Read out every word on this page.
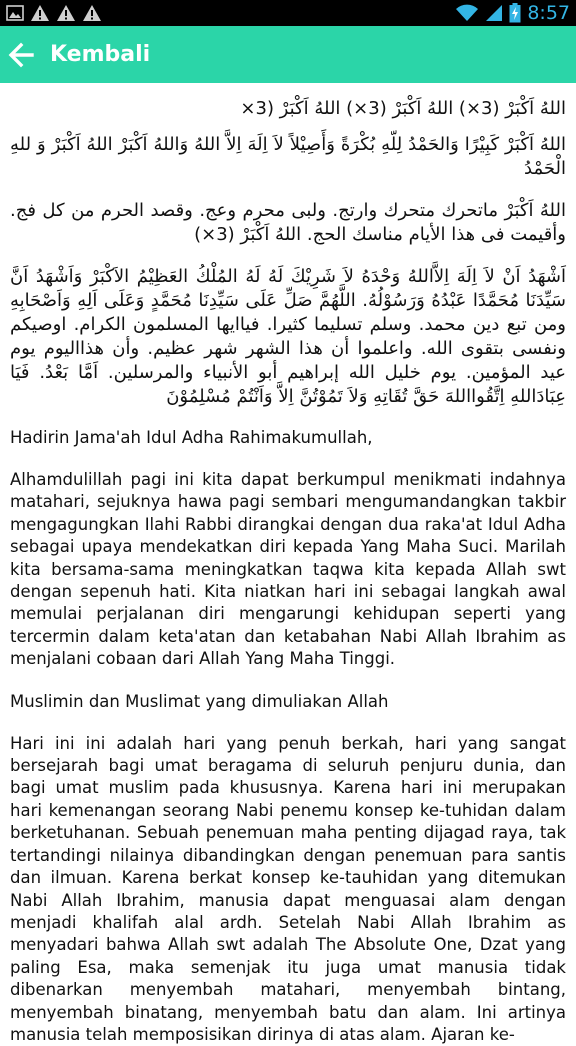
8:57
Kembali

اللهُ اَكْبَرْ (3×) اللهُ اَكْبَرْ (3×) اللهُ اَكْبَرْ (3×

اللهُ اَكْبَرْ كَبِيْرًا وَالحَمْدُ لِلّهِ بُكْرَةً وَأَصِيْلاً لاَ اِلَهَ اِلاَّ اللهُ وَاللهُ اَكْبَرْ اللهُ اَكْبَرْ وَ للهِ الْحَمْدُ

اللهُ اَكْبَرْ ماتحرك متحرك وارتج. ولبى محرم وعج. وقصد الحرم من كل فج. وأقيمت فى هذا الأيام مناسك الحج. اللهُ اَكْبَرْ (3×)

اَشْهَدُ اَنْ لاَ اِلَهَ اِلاَّاللهُ وَحْدَهُ لاَ شَرِيْكَ لَهُ لَهُ المُلْكُ العَظِيْمُ الاَكْبَرْ وَاَشْهَدُ اَنَّ سَيِّدَنَا مُحَمَّدًا عَبْدُهُ وَرَسُوْلُهُ. اللَّهُمَّ صَلِّ عَلَى سَيِّدِنَا مُحَمَّدٍ وَعَلَى اَلِهِ وَاَصْحَابِهِ ومن تبع دين محمد. وسلم تسليما كثيرا. فياايها المسلمون الكرام. اوصيكم ونفسى بتقوى الله. واعلموا أن هذا الشهر شهر عظيم. وأن هذااليوم يوم عيد المؤمين. يوم خليل الله إبراهيم أبو الأنبياء والمرسلين. اَمَّا بَعْدُ. فَيَا عِبَادَاللهِ اِتَّقُوااللهَ حَقَّ تُقَاتِهِ وَلاَ تَمُوْتُنَّ اِلاَّ وَاَنْتُمْ مُسْلِمُوْنَ

Hadirin Jama'ah Idul Adha Rahimakumullah,

Alhamdulillah pagi ini kita dapat berkumpul menikmati indahnya matahari, sejuknya hawa pagi sembari mengumandangkan takbir mengagungkan Ilahi Rabbi dirangkai dengan dua raka'at Idul Adha sebagai upaya mendekatkan diri kepada Yang Maha Suci. Marilah kita bersama-sama meningkatkan taqwa kita kepada Allah swt dengan sepenuh hati. Kita niatkan hari ini sebagai langkah awal memulai perjalanan diri mengarungi kehidupan seperti yang tercermin dalam keta'atan dan ketabahan Nabi Allah Ibrahim as menjalani cobaan dari Allah Yang Maha Tinggi.

Muslimin dan Muslimat yang dimuliakan Allah

Hari ini ini adalah hari yang penuh berkah, hari yang sangat bersejarah bagi umat beragama di seluruh penjuru dunia, dan bagi umat muslim pada khususnya. Karena hari ini merupakan hari kemenangan seorang Nabi penemu konsep ke-tuhidan dalam berketuhanan. Sebuah penemuan maha penting dijagad raya, tak tertandingi nilainya dibandingkan dengan penemuan para santis dan ilmuan. Karena berkat konsep ke-tauhidan yang ditemukan Nabi Allah Ibrahim, manusia dapat menguasai alam dengan menjadi khalifah alal ardh. Setelah Nabi Allah Ibrahim as menyadari bahwa Allah swt adalah The Absolute One, Dzat yang paling Esa, maka semenjak itu juga umat manusia tidak dibenarkan menyembah matahari, menyembah bintang, menyembah binatang, menyembah batu dan alam. Ini artinya manusia telah memposisikan dirinya di atas alam. Ajaran ke-
